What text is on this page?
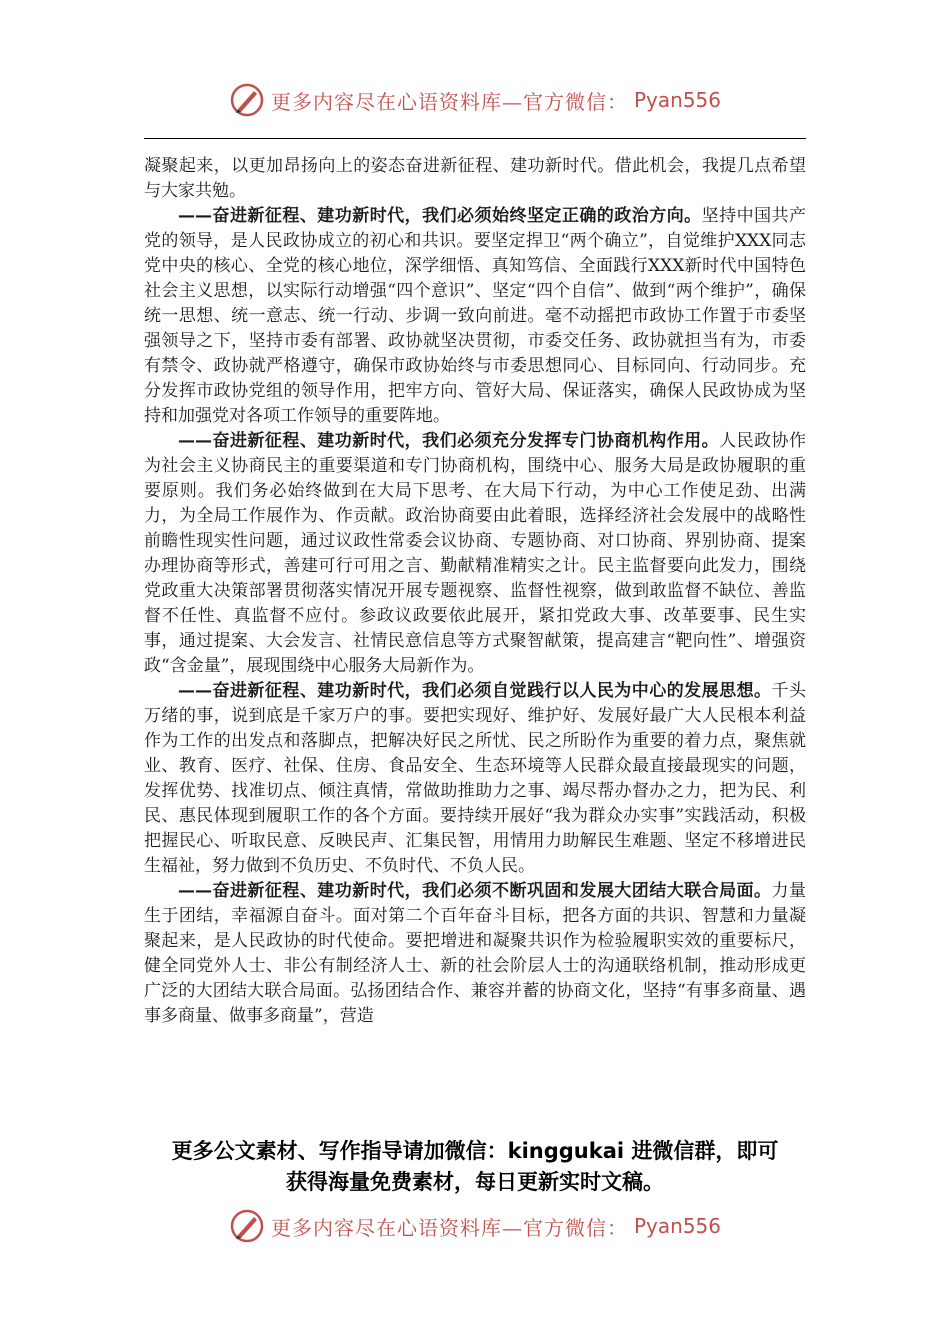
更多内容尽在心语资料库—官方微信： Pyan556

凝聚起来，以更加昂扬向上的姿态奋进新征程、建功新时代。借此机会，我提几点希望与大家共勉。

——奋进新征程、建功新时代，我们必须始终坚定正确的政治方向。坚持中国共产党的领导，是人民政协成立的初心和共识。要坚定捍卫“两个确立”，自觉维护XXX同志党中央的核心、全党的核心地位，深学细悟、真知笃信、全面践行XXX新时代中国特色社会主义思想，以实际行动增强“四个意识”、坚定“四个自信”、做到“两个维护”，确保统一思想、统一意志、统一行动、步调一致向前进。毫不动摇把市政协工作置于市委坚强领导之下，坚持市委有部署、政协就坚决贯彻，市委交任务、政协就担当有为，市委有禁令、政协就严格遵守，确保市政协始终与市委思想同心、目标同向、行动同步。充分发挥市政协党组的领导作用，把牢方向、管好大局、保证落实，确保人民政协成为坚持和加强党对各项工作领导的重要阵地。

——奋进新征程、建功新时代，我们必须充分发挥专门协商机构作用。人民政协作为社会主义协商民主的重要渠道和专门协商机构，围绕中心、服务大局是政协履职的重要原则。我们务必始终做到在大局下思考、在大局下行动，为中心工作使足劲、出满力，为全局工作展作为、作贡献。政治协商要由此着眼，选择经济社会发展中的战略性前瞻性现实性问题，通过议政性常委会议协商、专题协商、对口协商、界别协商、提案办理协商等形式，善建可行可用之言、勤献精准精实之计。民主监督要向此发力，围绕党政重大决策部署贯彻落实情况开展专题视察、监督性视察，做到敢监督不缺位、善监督不任性、真监督不应付。参政议政要依此展开，紧扣党政大事、改革要事、民生实事，通过提案、大会发言、社情民意信息等方式聚智献策，提高建言“靶向性”、增强资政“含金量”，展现围绕中心服务大局新作为。

——奋进新征程、建功新时代，我们必须自觉践行以人民为中心的发展思想。千头万绪的事，说到底是千家万户的事。要把实现好、维护好、发展好最广大人民根本利益作为工作的出发点和落脚点，把解决好民之所忧、民之所盼作为重要的着力点，聚焦就业、教育、医疗、社保、住房、食品安全、生态环境等人民群众最直接最现实的问题，发挥优势、找准切点、倾注真情，常做助推助力之事、竭尽帮办督办之力，把为民、利民、惠民体现到履职工作的各个方面。要持续开展好“我为群众办实事”实践活动，积极把握民心、听取民意、反映民声、汇集民智，用情用力助解民生难题、坚定不移增进民生福祉，努力做到不负历史、不负时代、不负人民。

——奋进新征程、建功新时代，我们必须不断巩固和发展大团结大联合局面。力量生于团结，幸福源自奋斗。面对第二个百年奋斗目标，把各方面的共识、智慧和力量凝聚起来，是人民政协的时代使命。要把增进和凝聚共识作为检验履职实效的重要标尺，健全同党外人士、非公有制经济人士、新的社会阶层人士的沟通联络机制，推动形成更广泛的大团结大联合局面。弘扬团结合作、兼容并蓄的协商文化，坚持“有事多商量、遇事多商量、做事多商量”，营造

更多公文素材、写作指导请加微信：kinggukai 进微信群，即可
获得海量免费素材，每日更新实时文稿。
更多内容尽在心语资料库—官方微信： Pyan556
